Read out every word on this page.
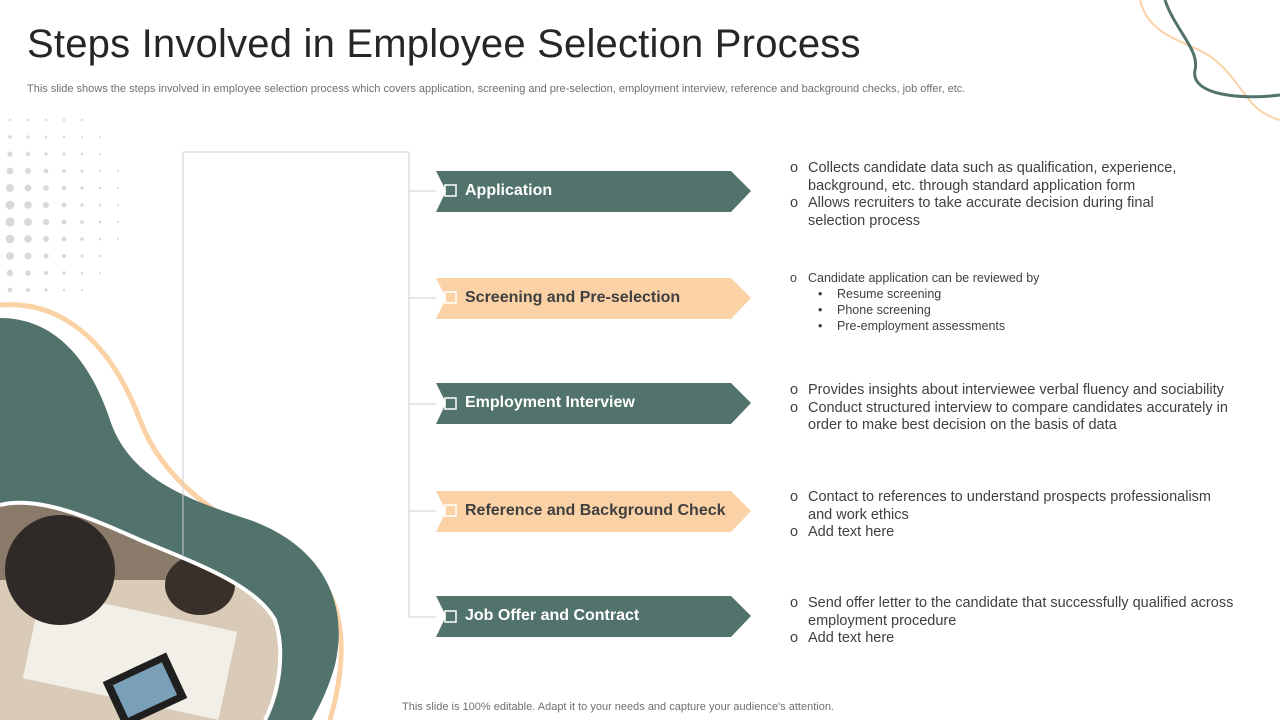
Steps Involved in Employee Selection Process
This slide shows the steps involved in employee selection process which covers application, screening and pre-selection, employment interview, reference and background checks, job offer, etc.
Application
Screening and Pre-selection
Employment Interview
Reference and Background Check
Job Offer and Contract
o Collects candidate data such as qualification, experience,
background, etc. through standard application form
o Allows recruiters to take accurate decision during final
selection process
o Candidate application can be reviewed by
• Resume screening
• Phone screening
• Pre-employment assessments
o Provides insights about interviewee verbal fluency and sociability
o Conduct structured interview to compare candidates accurately in
order to make best decision on the basis of data
o Contact to references to understand prospects professionalism
and work ethics
o Add text here
o Send offer letter to the candidate that successfully qualified across
employment procedure
o Add text here
This slide is 100% editable. Adapt it to your needs and capture your audience's attention.
